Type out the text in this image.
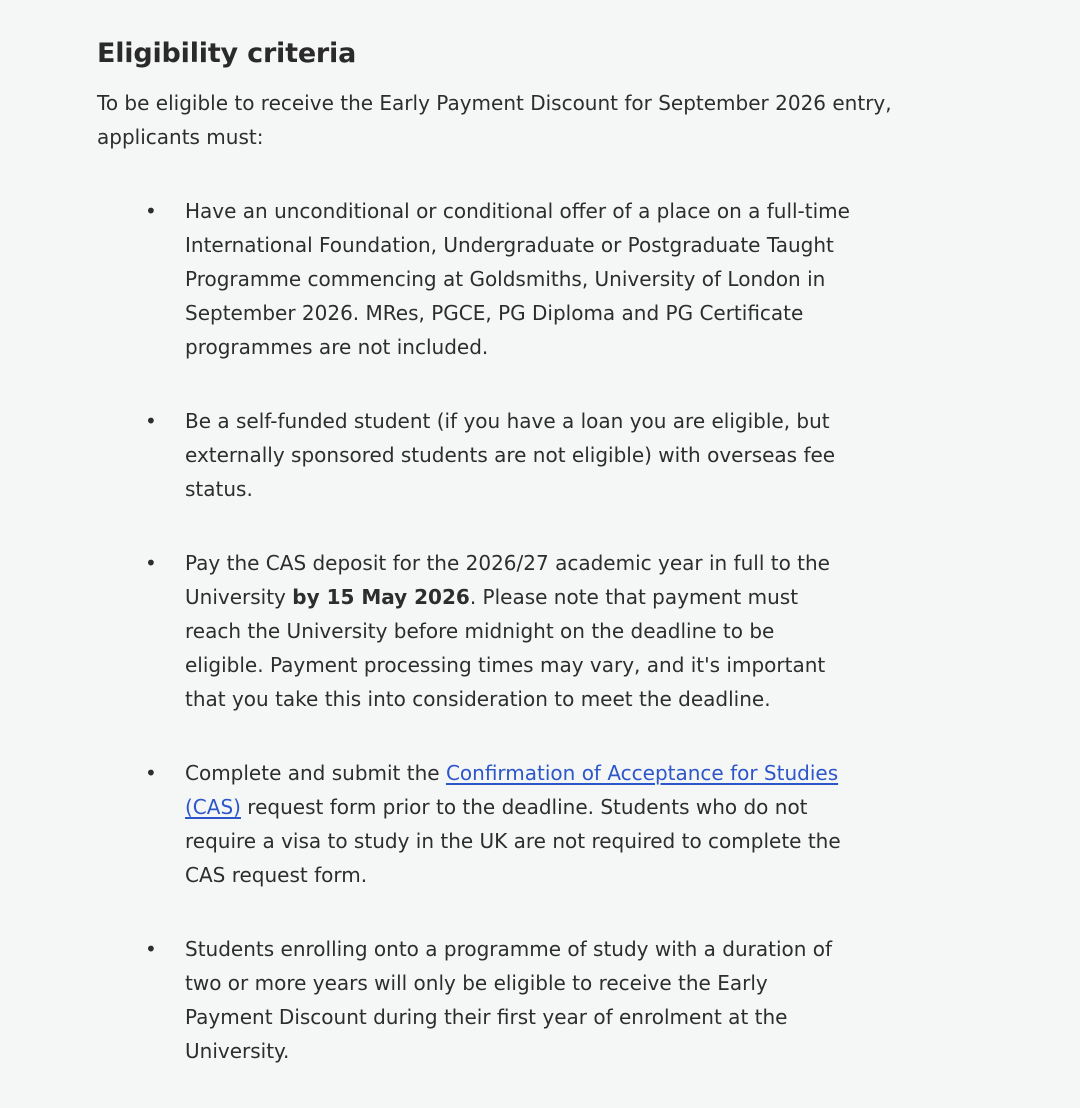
Eligibility criteria

To be eligible to receive the Early Payment Discount for September 2026 entry, applicants must:

• Have an unconditional or conditional offer of a place on a full-time International Foundation, Undergraduate or Postgraduate Taught Programme commencing at Goldsmiths, University of London in September 2026. MRes, PGCE, PG Diploma and PG Certificate programmes are not included.
• Be a self-funded student (if you have a loan you are eligible, but externally sponsored students are not eligible) with overseas fee status.
• Pay the CAS deposit for the 2026/27 academic year in full to the University by 15 May 2026. Please note that payment must reach the University before midnight on the deadline to be eligible. Payment processing times may vary, and it's important that you take this into consideration to meet the deadline.
• Complete and submit the Confirmation of Acceptance for Studies (CAS) request form prior to the deadline. Students who do not require a visa to study in the UK are not required to complete the CAS request form.
• Students enrolling onto a programme of study with a duration of two or more years will only be eligible to receive the Early Payment Discount during their first year of enrolment at the University.
